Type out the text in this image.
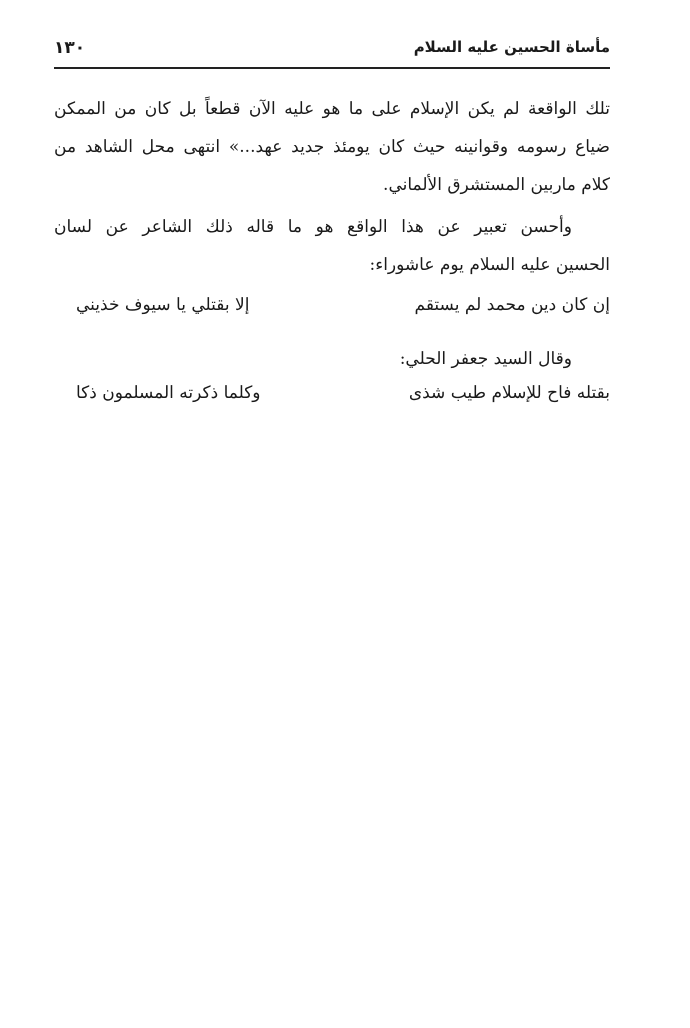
١٣٠	مأساة الحسين عليه السلام
تلك الواقعة لم يكن الإسلام على ما هو عليه الآن قطعاً بل كان من الممكن
ضياع رسومه وقوانينه حيث كان يومئذ جديد عهد...» انتهى محل الشاهد من
كلام ماربين المستشرق الألماني.
وأحسن تعبير عن هذا الواقع هو ما قاله ذلك الشاعر عن لسان
الحسين عليه السلام يوم عاشوراء:
إن كان دين محمد لم يستقم
إلا بقتلي يا سيوف خذيني
وقال السيد جعفر الحلي:
بقتله فاح للإسلام طيب شذى
وكلما ذكرته المسلمون ذكا
